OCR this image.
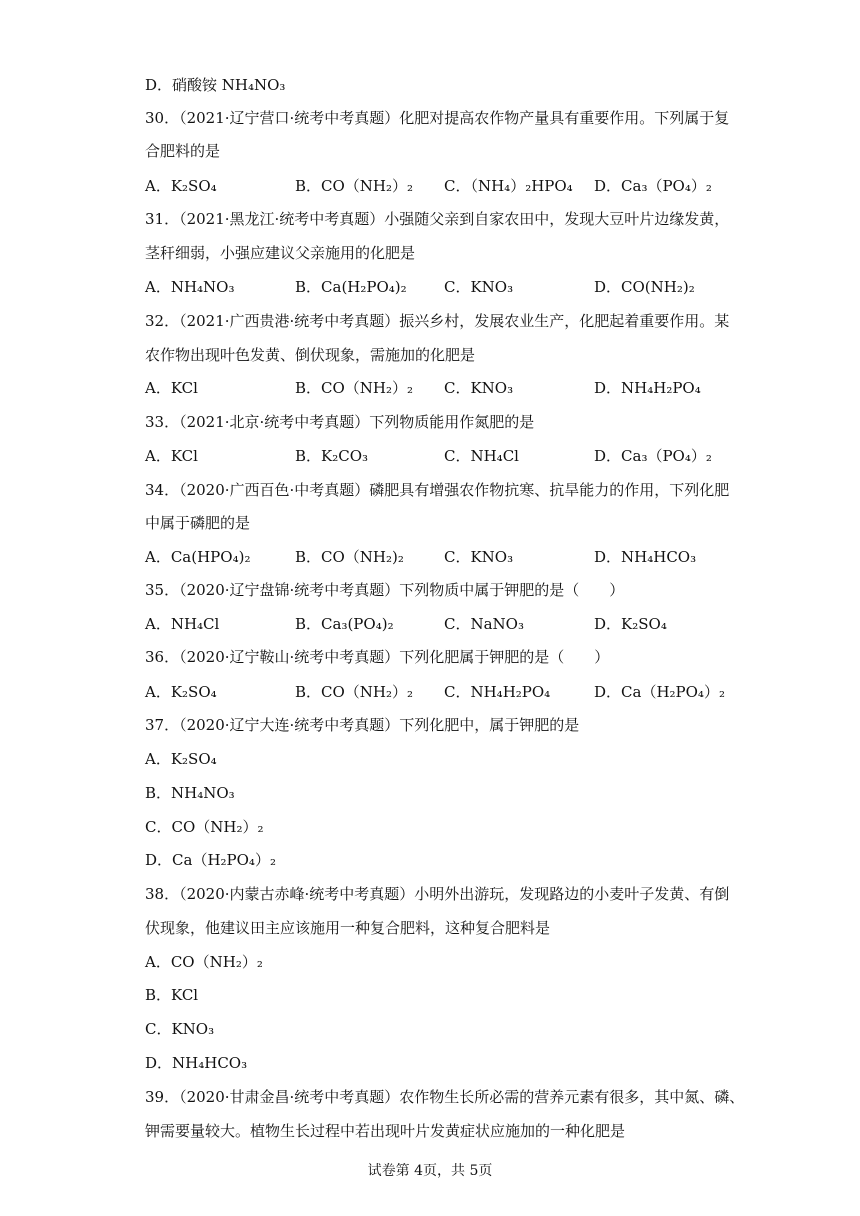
D．硝酸铵 NH₄NO₃
30．（2021·辽宁营口·统考中考真题）化肥对提高农作物产量具有重要作用。下列属于复
合肥料的是
A．K₂SO₄	B．CO（NH₂）₂ C．（NH₄）₂HPO₄ D．Ca₃（PO₄）₂
31．（2021·黑龙江·统考中考真题）小强随父亲到自家农田中，发现大豆叶片边缘发黄，
茎秆细弱，小强应建议父亲施用的化肥是
A．NH₄NO₃	B．Ca(H₂PO₄)₂ C．KNO₃	D．CO(NH₂)₂
32．（2021·广西贵港·统考中考真题）振兴乡村，发展农业生产，化肥起着重要作用。某
农作物出现叶色发黄、倒伏现象，需施加的化肥是
A．KCl	B．CO（NH₂）₂ C．KNO₃	D．NH₄H₂PO₄
33．（2021·北京·统考中考真题）下列物质能用作氮肥的是
A．KCl	B．K₂CO₃	C．NH₄Cl	D．Ca₃（PO₄）₂
34．（2020·广西百色·中考真题）磷肥具有增强农作物抗寒、抗旱能力的作用，下列化肥
中属于磷肥的是
A．Ca(HPO₄)₂	B．CO（NH₂)₂	C．KNO₃	D．NH₄HCO₃
35．（2020·辽宁盘锦·统考中考真题）下列物质中属于钾肥的是（　　）
A．NH₄Cl	B．Ca₃(PO₄)₂	C．NaNO₃	D．K₂SO₄
36．（2020·辽宁鞍山·统考中考真题）下列化肥属于钾肥的是（　　）
A．K₂SO₄	B．CO（NH₂）₂ C．NH₄H₂PO₄	D．Ca（H₂PO₄）₂
37．（2020·辽宁大连·统考中考真题）下列化肥中，属于钾肥的是
A．K₂SO₄
B．NH₄NO₃
C．CO（NH₂）₂
D．Ca（H₂PO₄）₂
38．（2020·内蒙古赤峰·统考中考真题）小明外出游玩，发现路边的小麦叶子发黄、有倒
伏现象，他建议田主应该施用一种复合肥料，这种复合肥料是
A．CO（NH₂）₂
B．KCl
C．KNO₃
D．NH₄HCO₃
39．（2020·甘肃金昌·统考中考真题）农作物生长所必需的营养元素有很多，其中氮、磷、
钾需要量较大。植物生长过程中若出现叶片发黄症状应施加的一种化肥是
试卷第 4页，共 5页
